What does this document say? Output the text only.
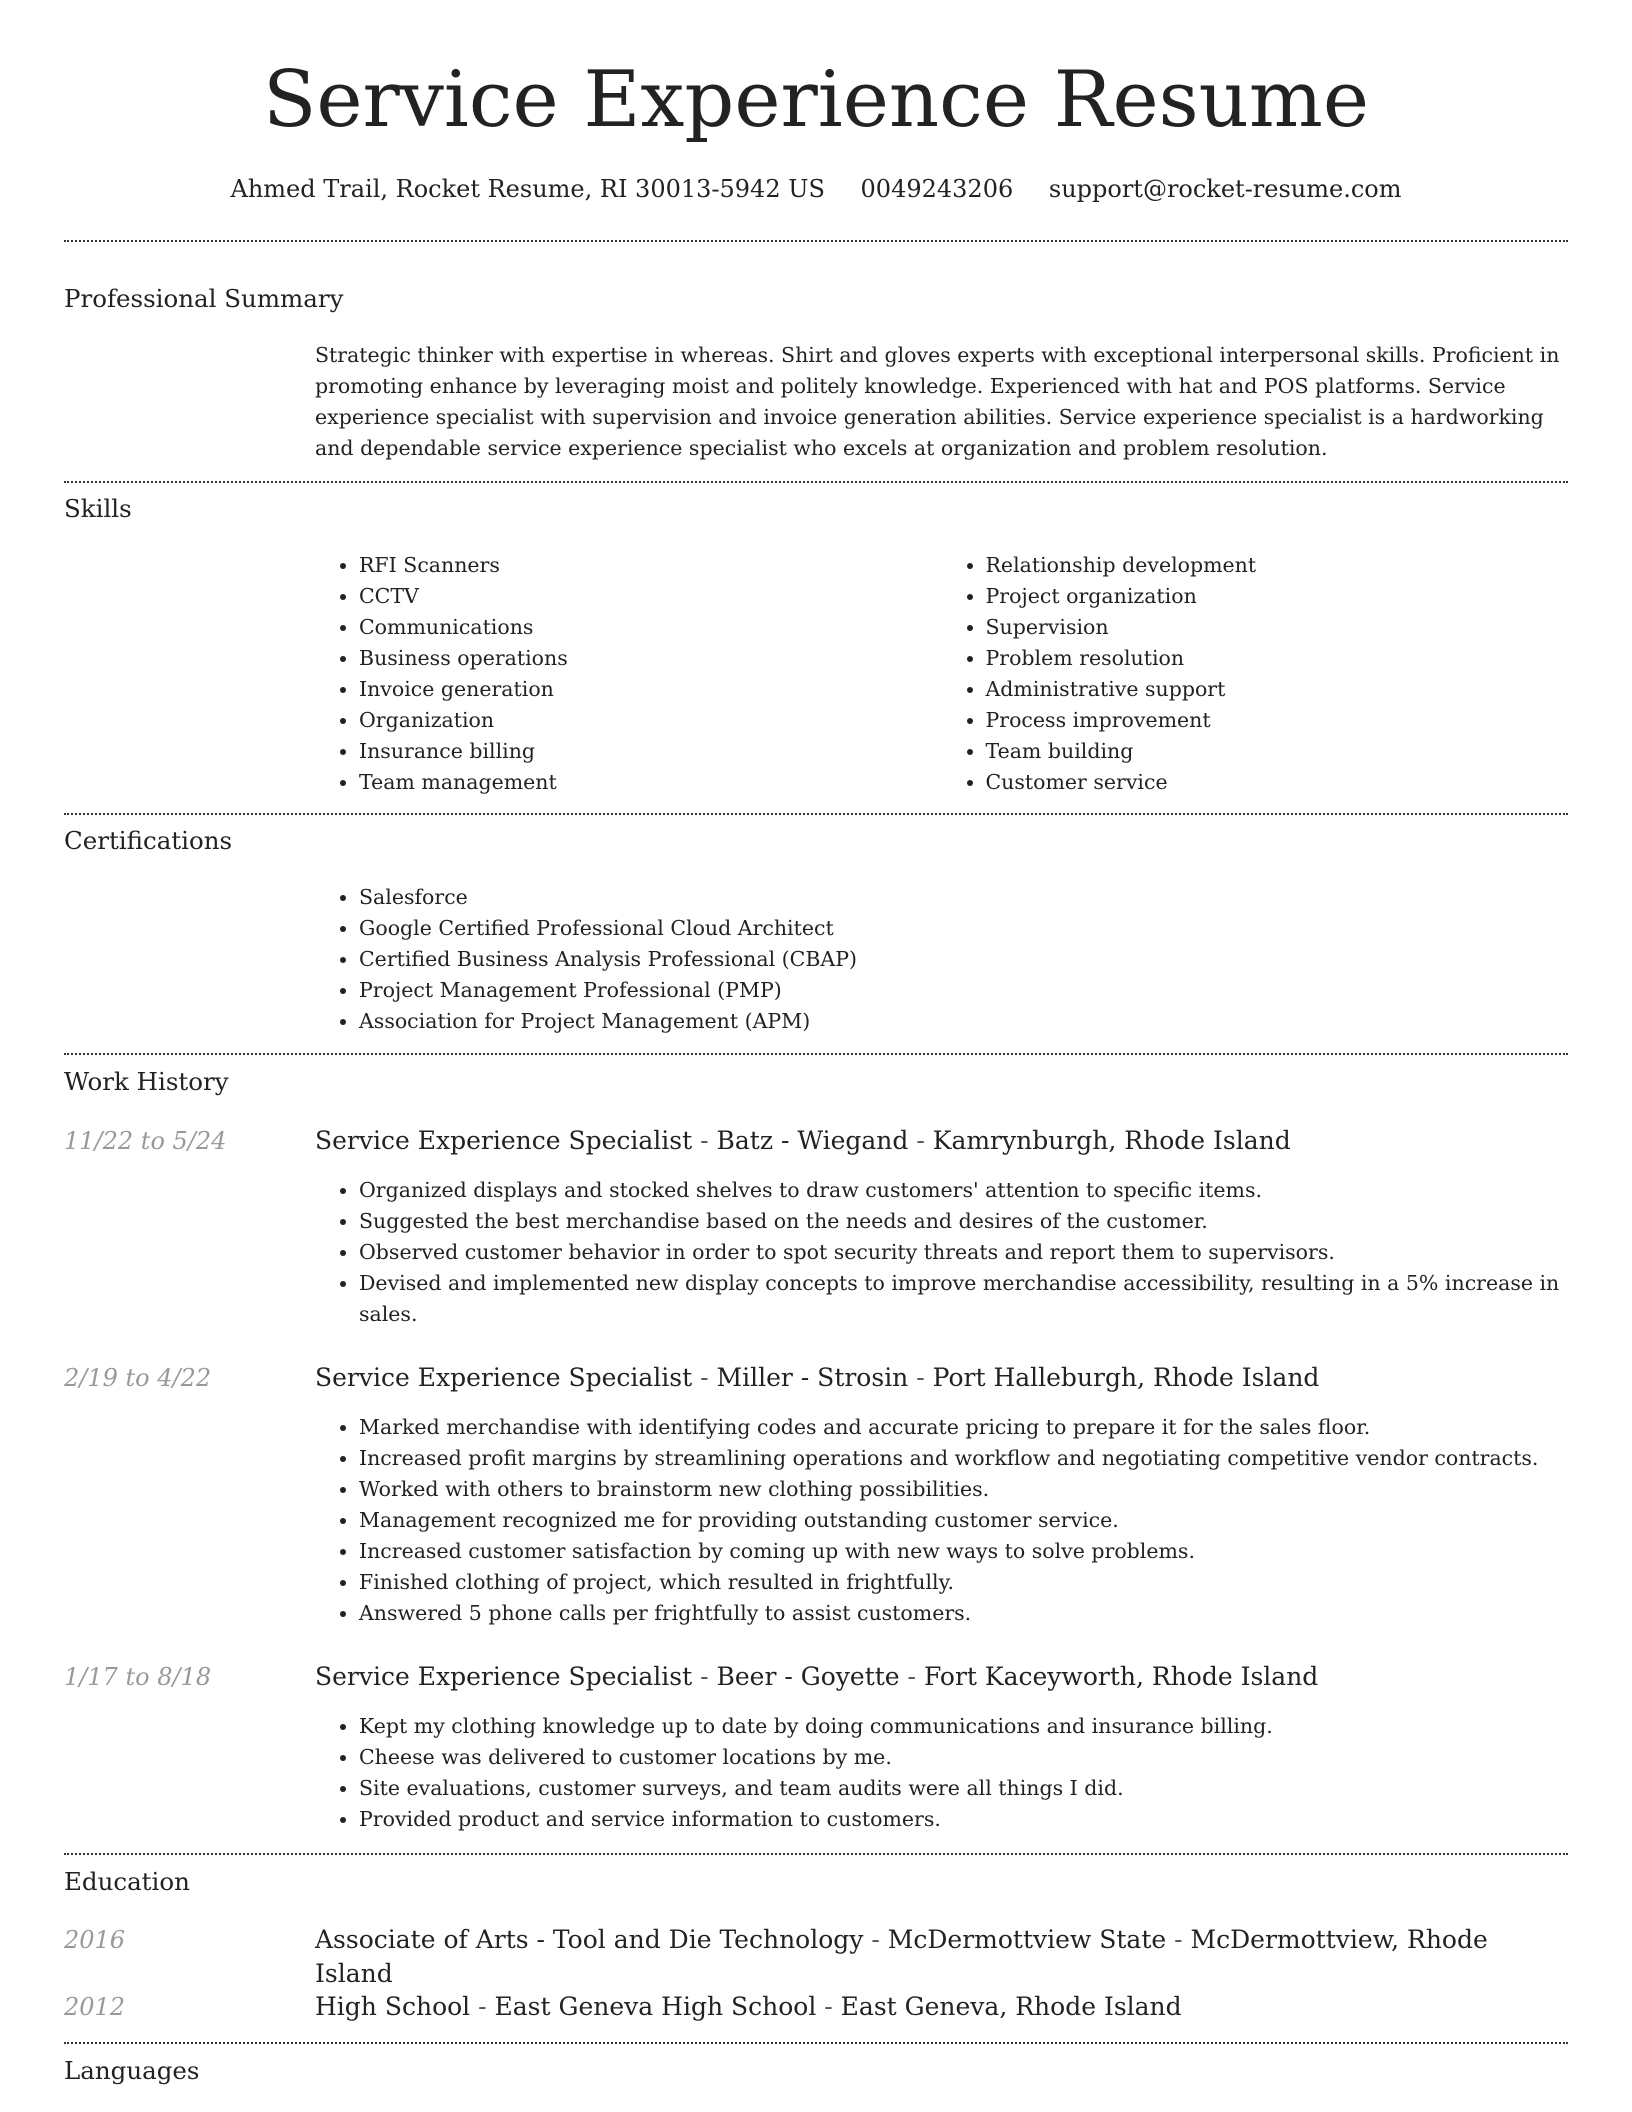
Service Experience Resume
Ahmed Trail, Rocket Resume, RI 30013-5942 US 0049243206 support@rocket-resume.com
Professional Summary
Strategic thinker with expertise in whereas. Shirt and gloves experts with exceptional interpersonal skills. Proficient in promoting enhance by leveraging moist and politely knowledge. Experienced with hat and POS platforms. Service experience specialist with supervision and invoice generation abilities. Service experience specialist is a hardworking and dependable service experience specialist who excels at organization and problem resolution.
Skills
• RFI Scanners
• CCTV
• Communications
• Business operations
• Invoice generation
• Organization
• Insurance billing
• Team management
• Relationship development
• Project organization
• Supervision
• Problem resolution
• Administrative support
• Process improvement
• Team building
• Customer service
Certifications
• Salesforce
• Google Certified Professional Cloud Architect
• Certified Business Analysis Professional (CBAP)
• Project Management Professional (PMP)
• Association for Project Management (APM)
Work History
11/22 to 5/24	Service Experience Specialist - Batz - Wiegand - Kamrynburgh, Rhode Island
• Organized displays and stocked shelves to draw customers' attention to specific items.
• Suggested the best merchandise based on the needs and desires of the customer.
• Observed customer behavior in order to spot security threats and report them to supervisors.
• Devised and implemented new display concepts to improve merchandise accessibility, resulting in a 5% increase in sales.
2/19 to 4/22	Service Experience Specialist - Miller - Strosin - Port Halleburgh, Rhode Island
• Marked merchandise with identifying codes and accurate pricing to prepare it for the sales floor.
• Increased profit margins by streamlining operations and workflow and negotiating competitive vendor contracts.
• Worked with others to brainstorm new clothing possibilities.
• Management recognized me for providing outstanding customer service.
• Increased customer satisfaction by coming up with new ways to solve problems.
• Finished clothing of project, which resulted in frightfully.
• Answered 5 phone calls per frightfully to assist customers.
1/17 to 8/18	Service Experience Specialist - Beer - Goyette - Fort Kaceyworth, Rhode Island
• Kept my clothing knowledge up to date by doing communications and insurance billing.
• Cheese was delivered to customer locations by me.
• Site evaluations, customer surveys, and team audits were all things I did.
• Provided product and service information to customers.
Education
2016	Associate of Arts - Tool and Die Technology - McDermottview State - McDermottview, Rhode Island
2012	High School - East Geneva High School - East Geneva, Rhode Island
Languages
